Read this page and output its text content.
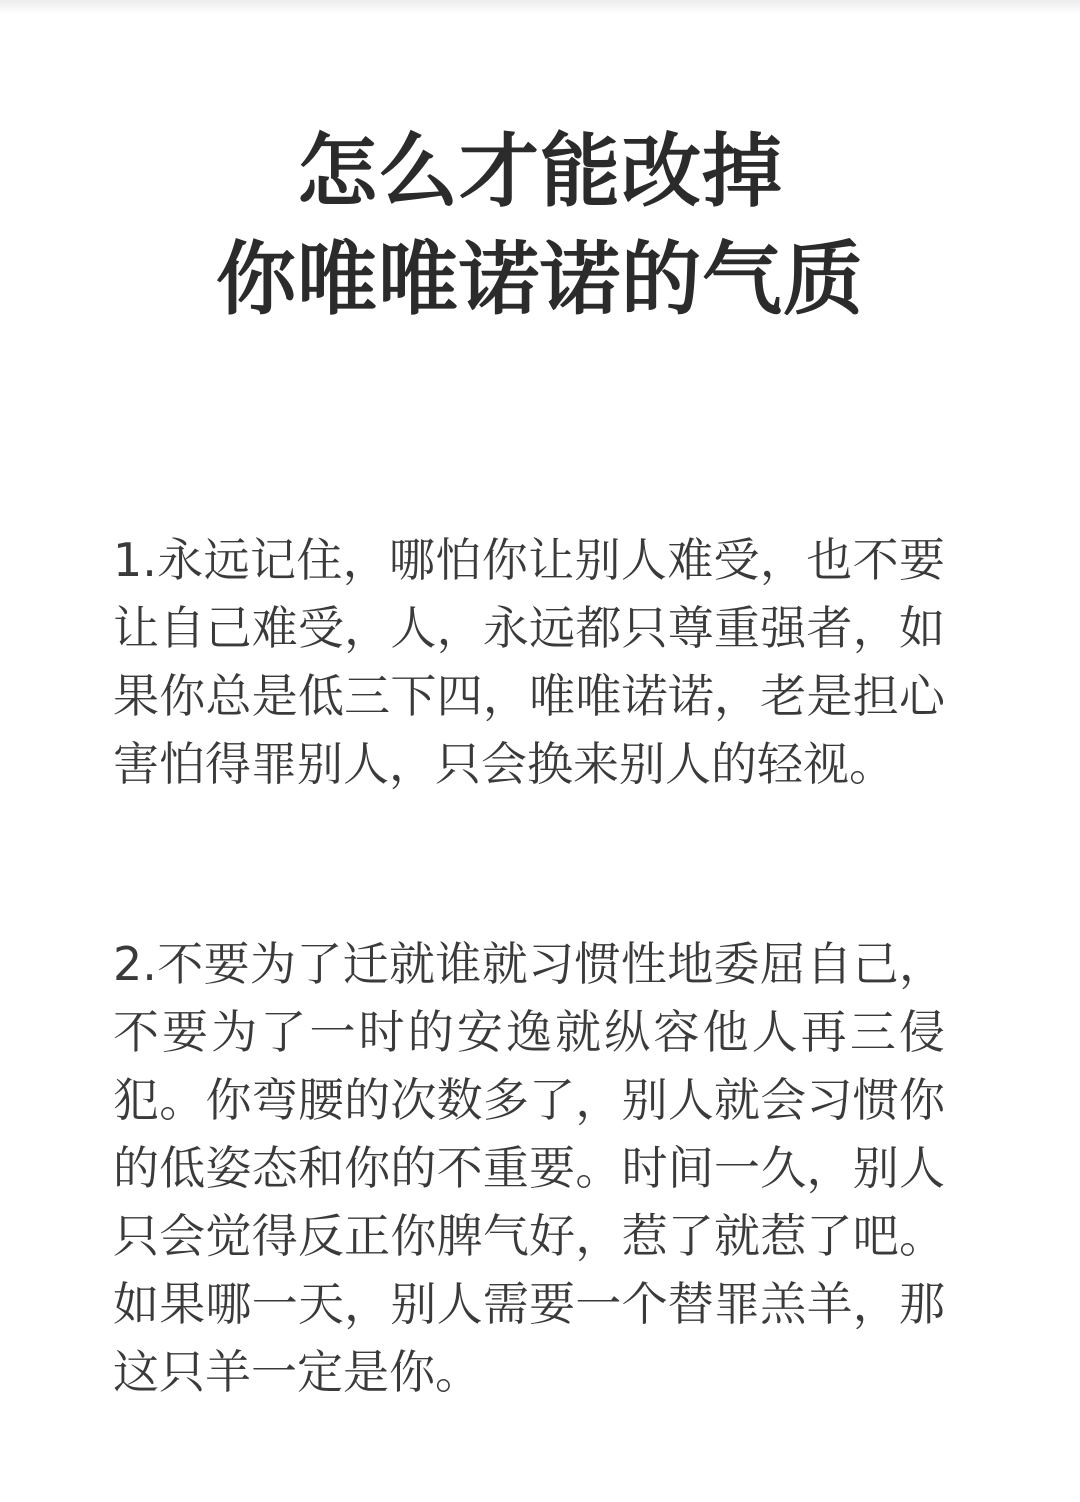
怎么才能改掉
你唯唯诺诺的气质

1.永远记住，哪怕你让别人难受，也不要让自己难受，人，永远都只尊重强者，如果你总是低三下四，唯唯诺诺，老是担心害怕得罪别人，只会换来别人的轻视。

2.不要为了迁就谁就习惯性地委屈自己，不要为了一时的安逸就纵容他人再三侵犯。你弯腰的次数多了，别人就会习惯你的低姿态和你的不重要。时间一久，别人只会觉得反正你脾气好，惹了就惹了吧。如果哪一天，别人需要一个替罪羔羊，那这只羊一定是你。
